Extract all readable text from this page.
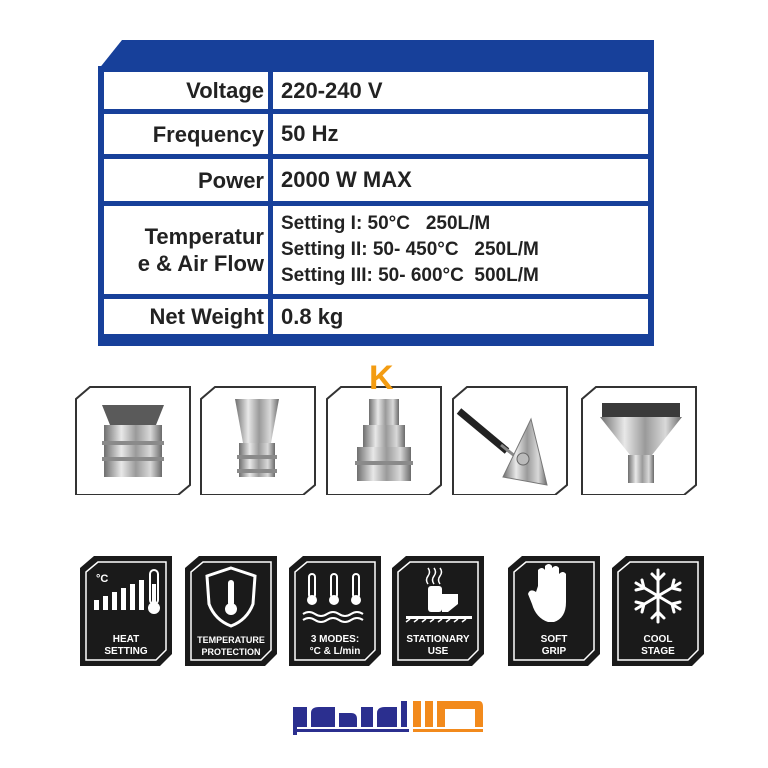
Voltage 220-240 V
Frequency 50 Hz
Power 2000 W MAX
Temperatur
e & Air Flow
Setting I: 50°C   250L/M
Setting II: 50- 450°C   250L/M
Setting III: 50- 600°C  500L/M
Net Weight 0.8 kg
K
°C
HEAT
SETTING
TEMPERATURE
PROTECTION
3 MODES:
°C & L/min
STATIONARY
USE
SOFT
GRIP
COOL
STAGE
